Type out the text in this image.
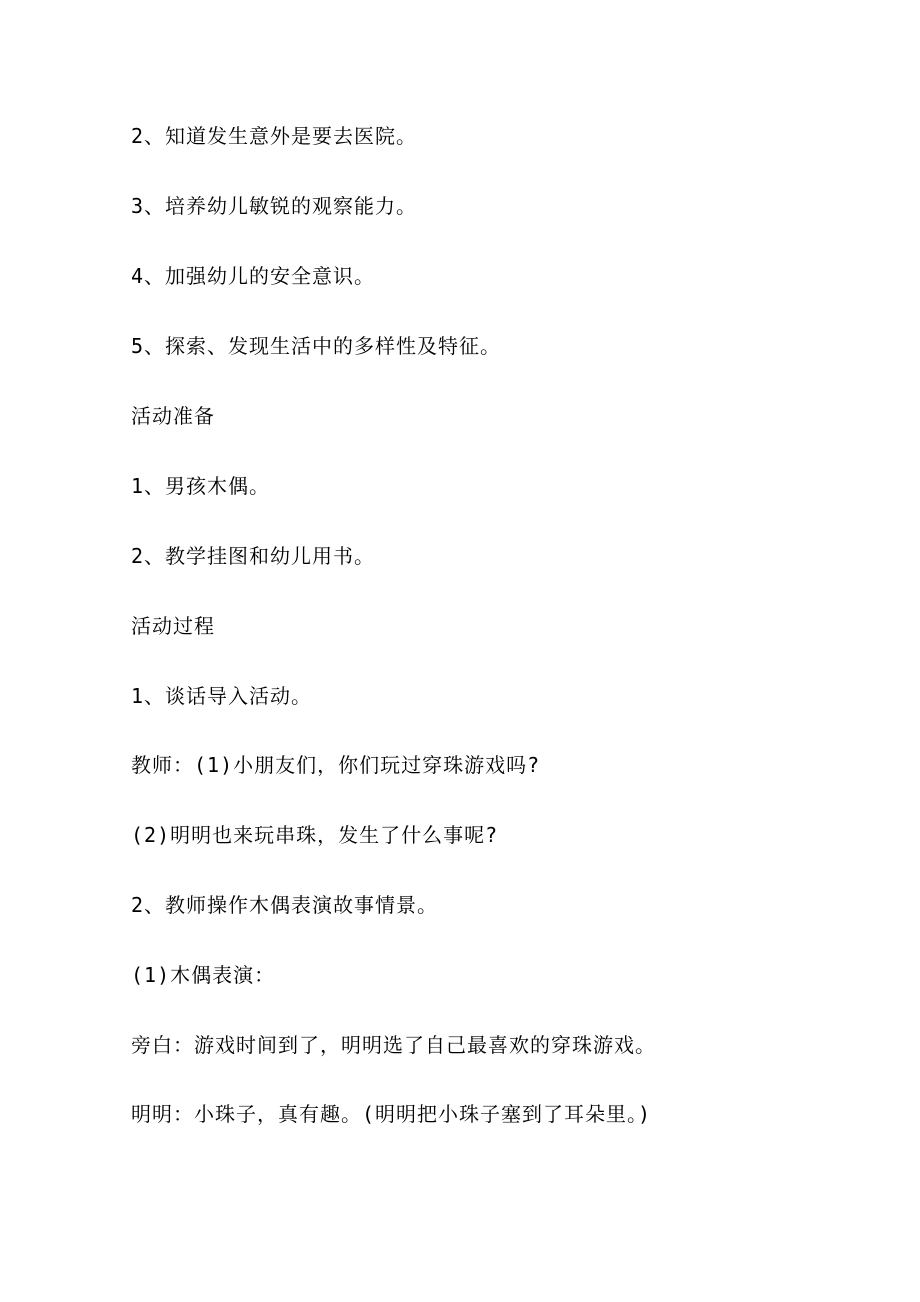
2、知道发生意外是要去医院。

3、培养幼儿敏锐的观察能力。

4、加强幼儿的安全意识。

5、探索、发现生活中的多样性及特征。

活动准备

1、男孩木偶。

2、教学挂图和幼儿用书。

活动过程

1、谈话导入活动。

教师：(1)小朋友们，你们玩过穿珠游戏吗?

(2)明明也来玩串珠，发生了什么事呢?

2、教师操作木偶表演故事情景。

(1)木偶表演：

旁白：游戏时间到了，明明选了自己最喜欢的穿珠游戏。

明明：小珠子，真有趣。(明明把小珠子塞到了耳朵里。)
